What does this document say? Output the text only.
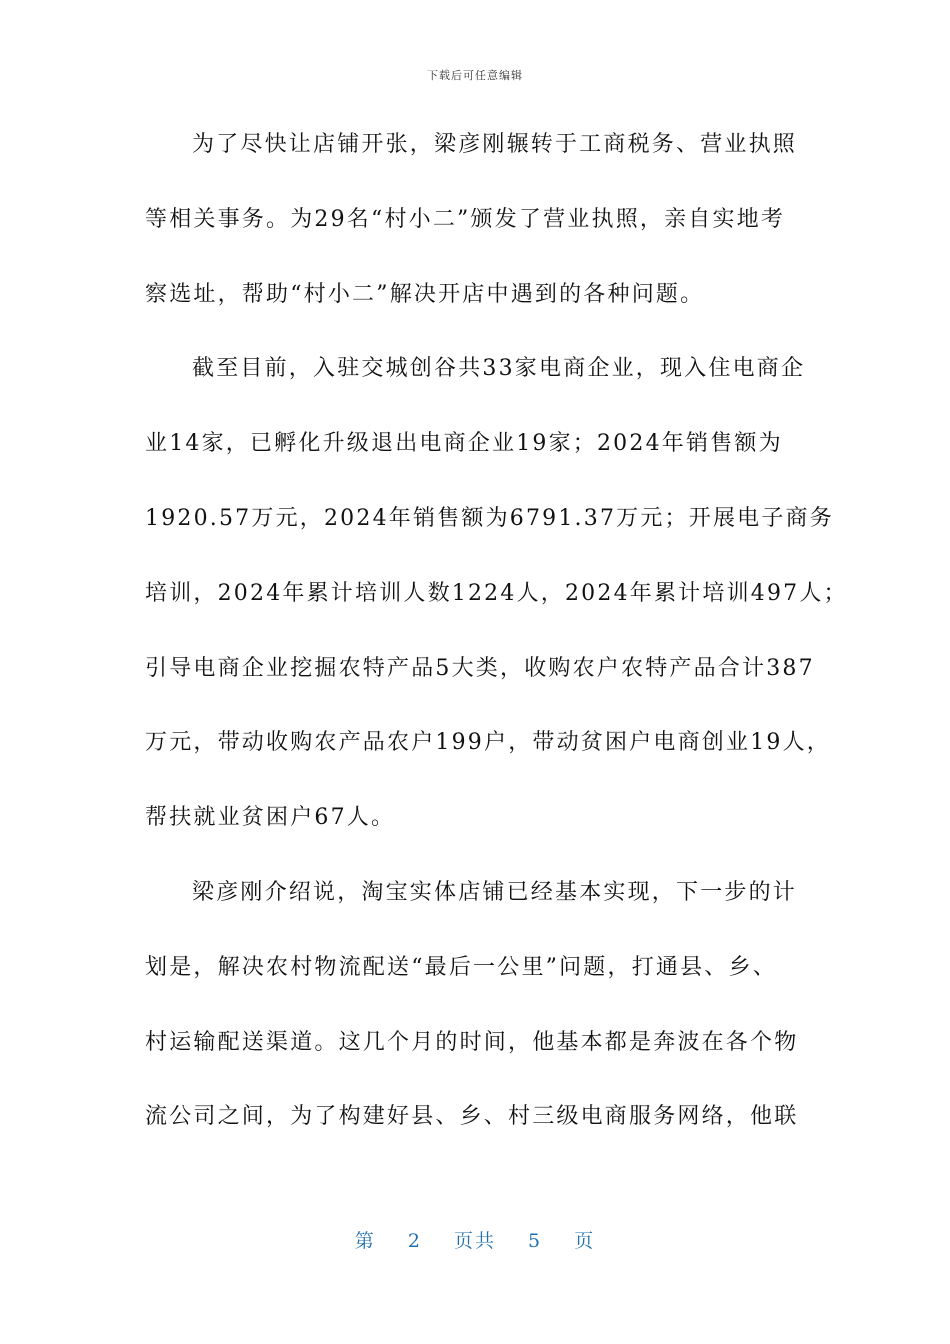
下载后可任意编辑
为了尽快让店铺开张，梁彦刚辗转于工商税务、营业执照
等相关事务。为29名“村小二”颁发了营业执照，亲自实地考
察选址，帮助“村小二”解决开店中遇到的各种问题。
截至目前，入驻交城创谷共33家电商企业，现入住电商企
业14家，已孵化升级退出电商企业19家；2024年销售额为
1920.57万元，2024年销售额为6791.37万元；开展电子商务
培训，2024年累计培训人数1224人，2024年累计培训497人；
引导电商企业挖掘农特产品5大类，收购农户农特产品合计387
万元，带动收购农产品农户199户，带动贫困户电商创业19人，
帮扶就业贫困户67人。
梁彦刚介绍说，淘宝实体店铺已经基本实现，下一步的计
划是，解决农村物流配送“最后一公里”问题，打通县、乡、
村运输配送渠道。这几个月的时间，他基本都是奔波在各个物
流公司之间，为了构建好县、乡、村三级电商服务网络，他联
第 2 页共 5 页
